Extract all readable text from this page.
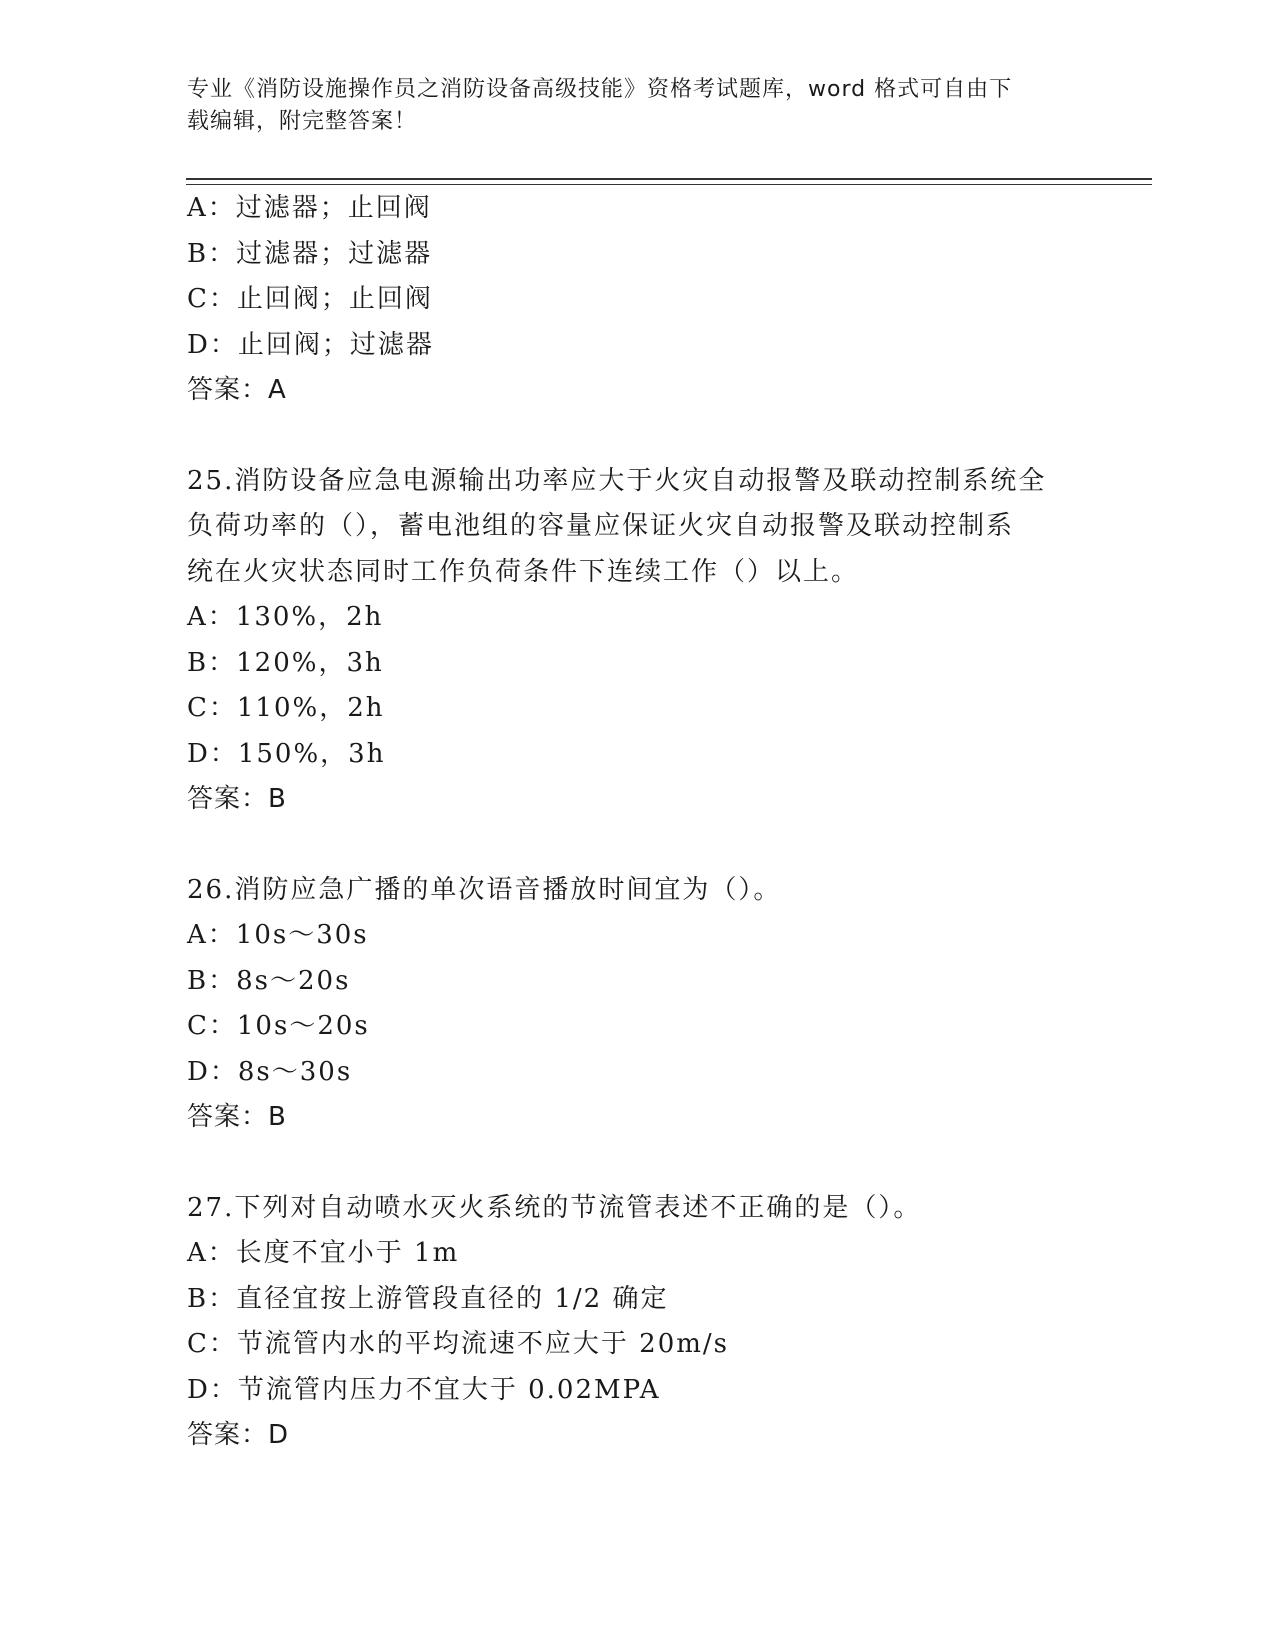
专业《消防设施操作员之消防设备高级技能》资格考试题库，word 格式可自由下
载编辑，附完整答案！
A：过滤器；止回阀
B：过滤器；过滤器
C：止回阀；止回阀
D：止回阀；过滤器
答案：A
25.消防设备应急电源输出功率应大于火灾自动报警及联动控制系统全
负荷功率的（），蓄电池组的容量应保证火灾自动报警及联动控制系
统在火灾状态同时工作负荷条件下连续工作（）以上。
A：130%，2h
B：120%，3h
C：110%，2h
D：150%，3h
答案：B
26.消防应急广播的单次语音播放时间宜为（）。
A：10s～30s
B：8s～20s
C：10s～20s
D：8s～30s
答案：B
27.下列对自动喷水灭火系统的节流管表述不正确的是（）。
A：长度不宜小于 1m
B：直径宜按上游管段直径的 1/2 确定
C：节流管内水的平均流速不应大于 20m/s
D：节流管内压力不宜大于 0.02MPA
答案：D
